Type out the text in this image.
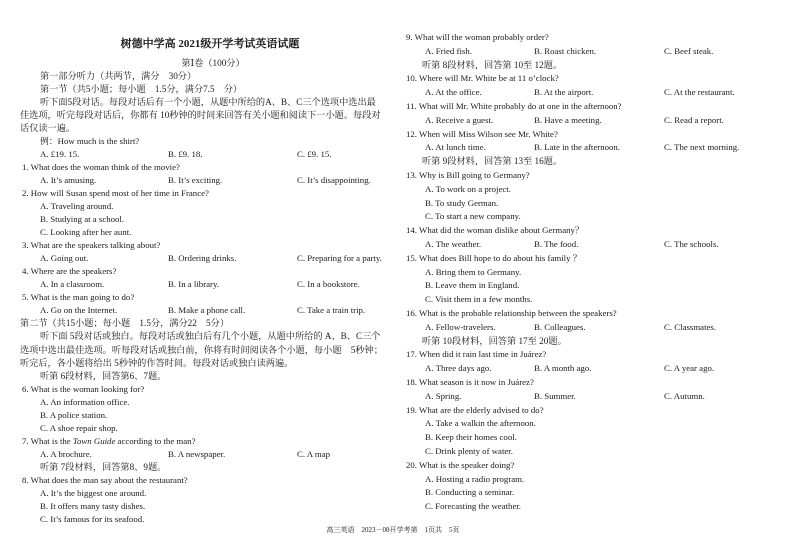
树德中学高 2021级开学考试英语试题
第Ⅰ卷（100分）
第一部分听力（共两节，满分　30分）
第一节（共5小题；每小题　1.5分，满分7.5　分）
听下面5段对话。每段对话后有一个小题，从题中所给的A、B、C三个选项中选出最
佳选项，听完每段对话后，你都有 10秒钟的时间来回答有关小题和阅读下一小题。每段对
话仅读一遍。
例：How much is the shirt?
A. £19. 15.	B. £9. 18.	C. £9. 15.
1. What does the woman think of the movie?
A. It’s amusing.	B. It’s exciting.	C. It’s disappointing.
2. How will Susan spend most of her time in France?
A. Traveling around.
B. Studying at a school.
C. Looking after her aunt.
3. What are the speakers talking about?
A. Going out.	B. Ordering drinks.	C. Preparing for a party.
4. Where are the speakers?
A. In a classroom.	B. In a library.	C. In a bookstore.
5. What is the man going to do?
A. Go on the Internet.	B. Make a phone call.	C. Take a train trip.
第二节（共15小题；每小题　1.5分，满分22　5分）
听下面 5段对话或独白。每段对话或独白后有几个小题，从题中所给的 A、B、C三个
选项中选出最佳选项。听每段对话或独白前，你将有时间阅读各个小题，每小题　5秒钟；
听完后，各小题将给出 5秒钟的作答时间。每段对话或独白读两遍。
听第 6段材料，回答第6、7题。
6. What is the woman looking for?
A. An information office.
B. A police station.
C. A shoe repair shop.
7. What is the Town Guide according to the man?
A. A brochure.	B. A newspaper.	C. A map
听第 7段材料，回答第8、9题。
8. What does the man say about the restaurant?
A. It’s the biggest one around.
B. It offers many tasty dishes.
C. It’s famous for its seafood.
9. What will the woman probably order?
A. Fried fish.	B. Roast chicken.	C. Beef steak.
听第 8段材料，回答第 10至 12题。
10. Where will Mr. White be at 11 o’clock?
A. At the office.	B. At the airport.	C. At the restaurant.
11. What will Mr. White probably do at one in the afternoon?
A. Receive a guest.	B. Have a meeting.	C. Read a report.
12. When will Miss Wilson see Mr. White?
A. At lunch time.	B. Late in the afternoon.	C. The next morning.
听第 9段材料，回答第 13至 16题。
13. Why is Bill going to Germany?
A. To work on a project.
B. To study German.
C. To start a new company.
14. What did the woman dislike about Germany？
A. The weather.	B. The food.	C. The schools.
15. What does Bill hope to do about his family ？
A. Bring them to Germany.
B. Leave them in England.
C. Visit them in a few months.
16. What is the probable relationship between the speakers?
A. Fellow-travelers.	B. Colleagues.	C. Classmates.
听第 10段材料，回答第 17至 20题。
17. When did it rain last time in Juárez?
A. Three days ago.	B. A month ago.	C. A year ago.
18. What season is it now in Juárez?
A. Spring.	B. Summer.	C. Autumn.
19. What are the elderly advised to do?
A. Take a walkin the afternoon.
B. Keep their homes cool.
C. Drink plenty of water.
20. What is the speaker doing?
A. Hosting a radio program.
B. Conducting a seminar.
C. Forecasting the weather.
高三英语　2023－08开学考第　1页共　5页
